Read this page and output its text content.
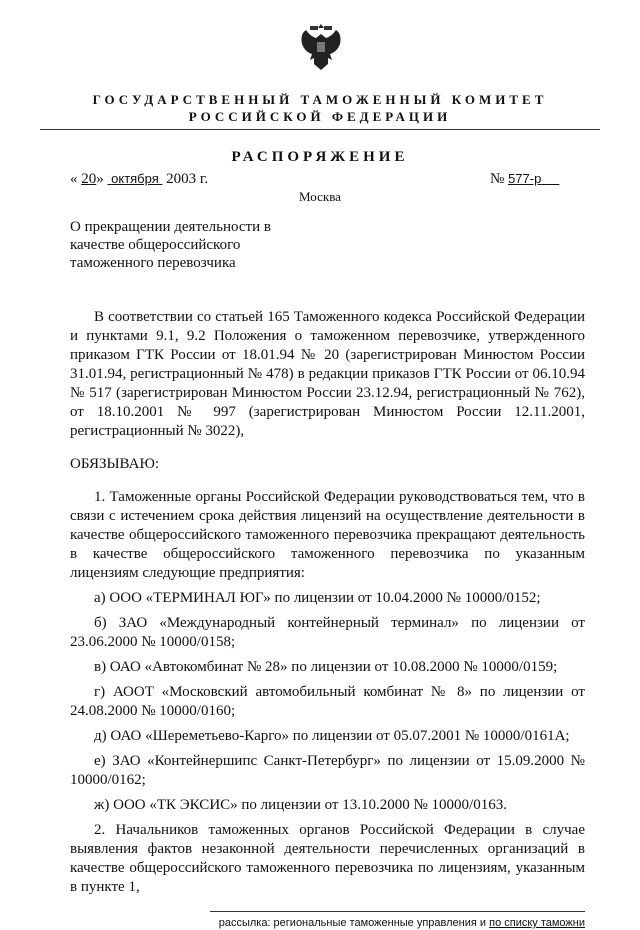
ГОСУДАРСТВЕННЫЙ ТАМОЖЕННЫЙ КОМИТЕТ
РОССИЙСКОЙ ФЕДЕРАЦИИ
РАСПОРЯЖЕНИЕ
« 20» октября 2003 г.	№ 577-р
Москва
О прекращении деятельности в
качестве общероссийского
таможенного перевозчика

В соответствии со статьей 165 Таможенного кодекса Российской Федерации и пунктами 9.1, 9.2 Положения о таможенном перевозчике, утвержденного приказом ГТК России от 18.01.94 № 20 (зарегистрирован Минюстом России 31.01.94, регистрационный № 478) в редакции приказов ГТК России от 06.10.94 № 517 (зарегистрирован Минюстом России 23.12.94, регистрационный № 762), от 18.10.2001 № 997 (зарегистрирован Минюстом России 12.11.2001, регистрационный № 3022),

ОБЯЗЫВАЮ:

1. Таможенные органы Российской Федерации руководствоваться тем, что в связи с истечением срока действия лицензий на осуществление деятельности в качестве общероссийского таможенного перевозчика прекращают деятельность в качестве общероссийского таможенного перевозчика по указанным лицензиям следующие предприятия:

а) ООО «ТЕРМИНАЛ ЮГ» по лицензии от 10.04.2000 № 10000/0152;

б) ЗАО «Международный контейнерный терминал» по лицензии от 23.06.2000 № 10000/0158;

в) ОАО «Автокомбинат № 28» по лицензии от 10.08.2000 № 10000/0159;

г) АООТ «Московский автомобильный комбинат № 8» по лицензии от 24.08.2000 № 10000/0160;

д) ОАО «Шереметьево-Карго» по лицензии от 05.07.2001 № 10000/0161А;

е) ЗАО «Контейнершипс Санкт-Петербург» по лицензии от 15.09.2000 № 10000/0162;

ж) ООО «ТК ЭКСИС» по лицензии от 13.10.2000 № 10000/0163.

2. Начальников таможенных органов Российской Федерации в случае выявления фактов незаконной деятельности перечисленных организаций в качестве общероссийского таможенного перевозчика по лицензиям, указанным в пункте 1,

рассылка: региональные таможенные управления и по списку таможни
